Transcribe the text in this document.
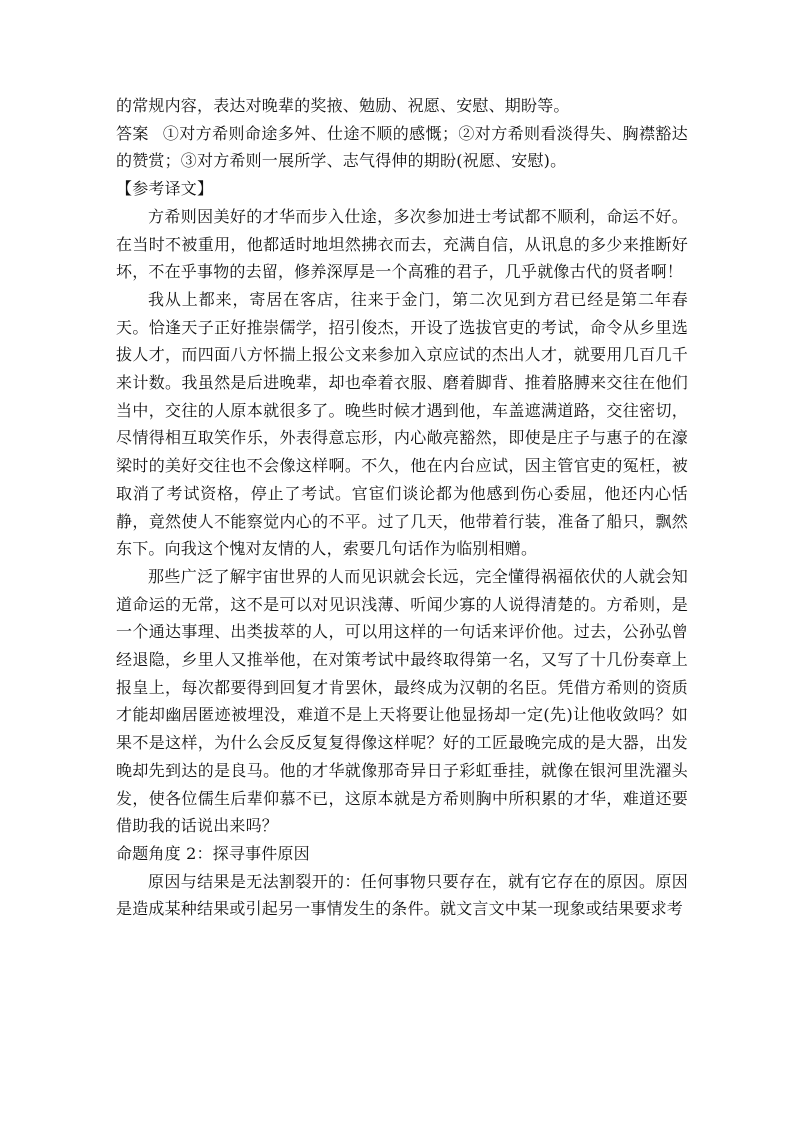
的常规内容，表达对晚辈的奖掖、勉励、祝愿、安慰、期盼等。

答案 ①对方希则命途多舛、仕途不顺的感慨；②对方希则看淡得失、胸襟豁达的赞赏；③对方希则一展所学、志气得伸的期盼(祝愿、安慰)。

【参考译文】

方希则因美好的才华而步入仕途，多次参加进士考试都不顺利，命运不好。在当时不被重用，他都适时地坦然拂衣而去，充满自信，从讯息的多少来推断好坏，不在乎事物的去留，修养深厚是一个高雅的君子，几乎就像古代的贤者啊！

我从上都来，寄居在客店，往来于金门，第二次见到方君已经是第二年春天。恰逢天子正好推崇儒学，招引俊杰，开设了选拔官吏的考试，命令从乡里选拔人才，而四面八方怀揣上报公文来参加入京应试的杰出人才，就要用几百几千来计数。我虽然是后进晚辈，却也牵着衣服、磨着脚背、推着胳膊来交往在他们当中，交往的人原本就很多了。晚些时候才遇到他，车盖遮满道路，交往密切，尽情得相互取笑作乐，外表得意忘形，内心敞亮豁然，即使是庄子与惠子的在濠梁时的美好交往也不会像这样啊。不久，他在内台应试，因主管官吏的冤枉，被取消了考试资格，停止了考试。官宦们谈论都为他感到伤心委屈，他还内心恬静，竟然使人不能察觉内心的不平。过了几天，他带着行装，准备了船只，飘然东下。向我这个愧对友情的人，索要几句话作为临别相赠。

那些广泛了解宇宙世界的人而见识就会长远，完全懂得祸福依伏的人就会知道命运的无常，这不是可以对见识浅薄、听闻少寡的人说得清楚的。方希则，是一个通达事理、出类拔萃的人，可以用这样的一句话来评价他。过去，公孙弘曾经退隐，乡里人又推举他，在对策考试中最终取得第一名，又写了十几份奏章上报皇上，每次都要得到回复才肯罢休，最终成为汉朝的名臣。凭借方希则的资质才能却幽居匿迹被埋没，难道不是上天将要让他显扬却一定(先)让他收敛吗？如果不是这样，为什么会反反复复得像这样呢？好的工匠最晚完成的是大器，出发晚却先到达的是良马。他的才华就像那奇异日子彩虹垂挂，就像在银河里洗濯头发，使各位儒生后辈仰慕不已，这原本就是方希则胸中所积累的才华，难道还要借助我的话说出来吗？

命题角度 2：探寻事件原因

原因与结果是无法割裂开的：任何事物只要存在，就有它存在的原因。原因是造成某种结果或引起另一事情发生的条件。就文言文中某一现象或结果要求考
